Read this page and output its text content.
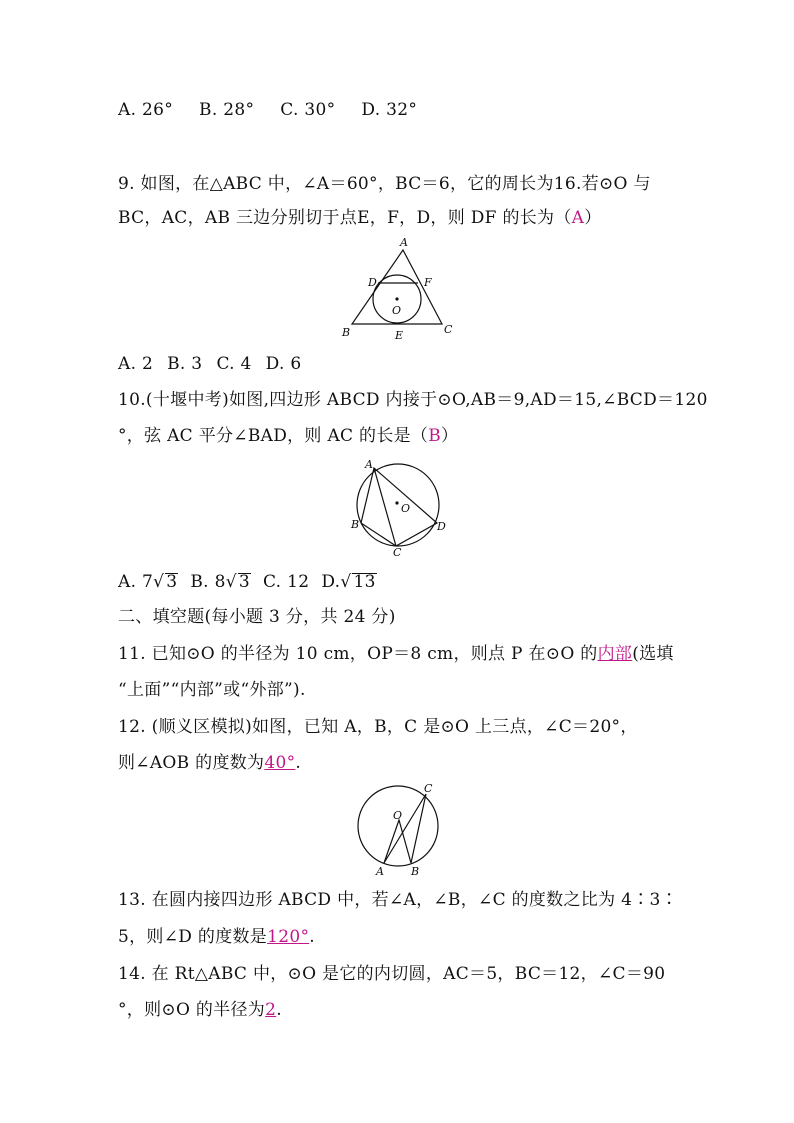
A. 26° B. 28° C. 30° D. 32°
9. 如图，在△ABC 中，∠A＝60°，BC＝6，它的周长为16.若⊙O 与
BC，AC，AB 三边分别切于点E，F，D，则 DF 的长为（A）
A
D	F
O
B	E	C
A. 2 B. 3 C. 4 D. 6
10.(十堰中考)如图,四边形 ABCD 内接于⊙O,AB＝9,AD＝15,∠BCD＝120
°，弦 AC 平分∠BAD，则 AC 的长是（B）
A
O
B	D
C
A. 7√ 3 B. 8√ 3 C. 12 D.√ 13
二、填空题(每小题 3 分，共 24 分)
11. 已知⊙O 的半径为 10 cm，OP＝8 cm，则点 P 在⊙O 的内部(选填
“上面”“内部”或“外部”).
12. (顺义区模拟)如图，已知 A，B，C 是⊙O 上三点，∠C＝20°，
则∠AOB 的度数为40°.
C
O
A B
13. 在圆内接四边形 ABCD 中，若∠A，∠B，∠C 的度数之比为 4∶3∶
5，则∠D 的度数是120°.
14. 在 Rt△ABC 中，⊙O 是它的内切圆，AC＝5，BC＝12，∠C＝90
°，则⊙O 的半径为2.
